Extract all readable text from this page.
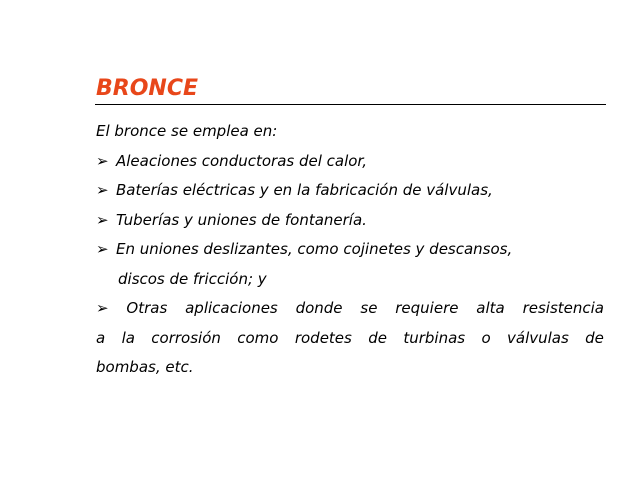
BRONCE

El bronce se emplea en:

➢ Aleaciones conductoras del calor,

➢ Baterías eléctricas y en la fabricación de válvulas,

➢ Tuberías y uniones de fontanería.

➢ En uniones deslizantes, como cojinetes y descansos,

discos de fricción; y

➢ Otras aplicaciones donde se requiere alta resistencia
a la corrosión como rodetes de turbinas o válvulas de

bombas, etc.
